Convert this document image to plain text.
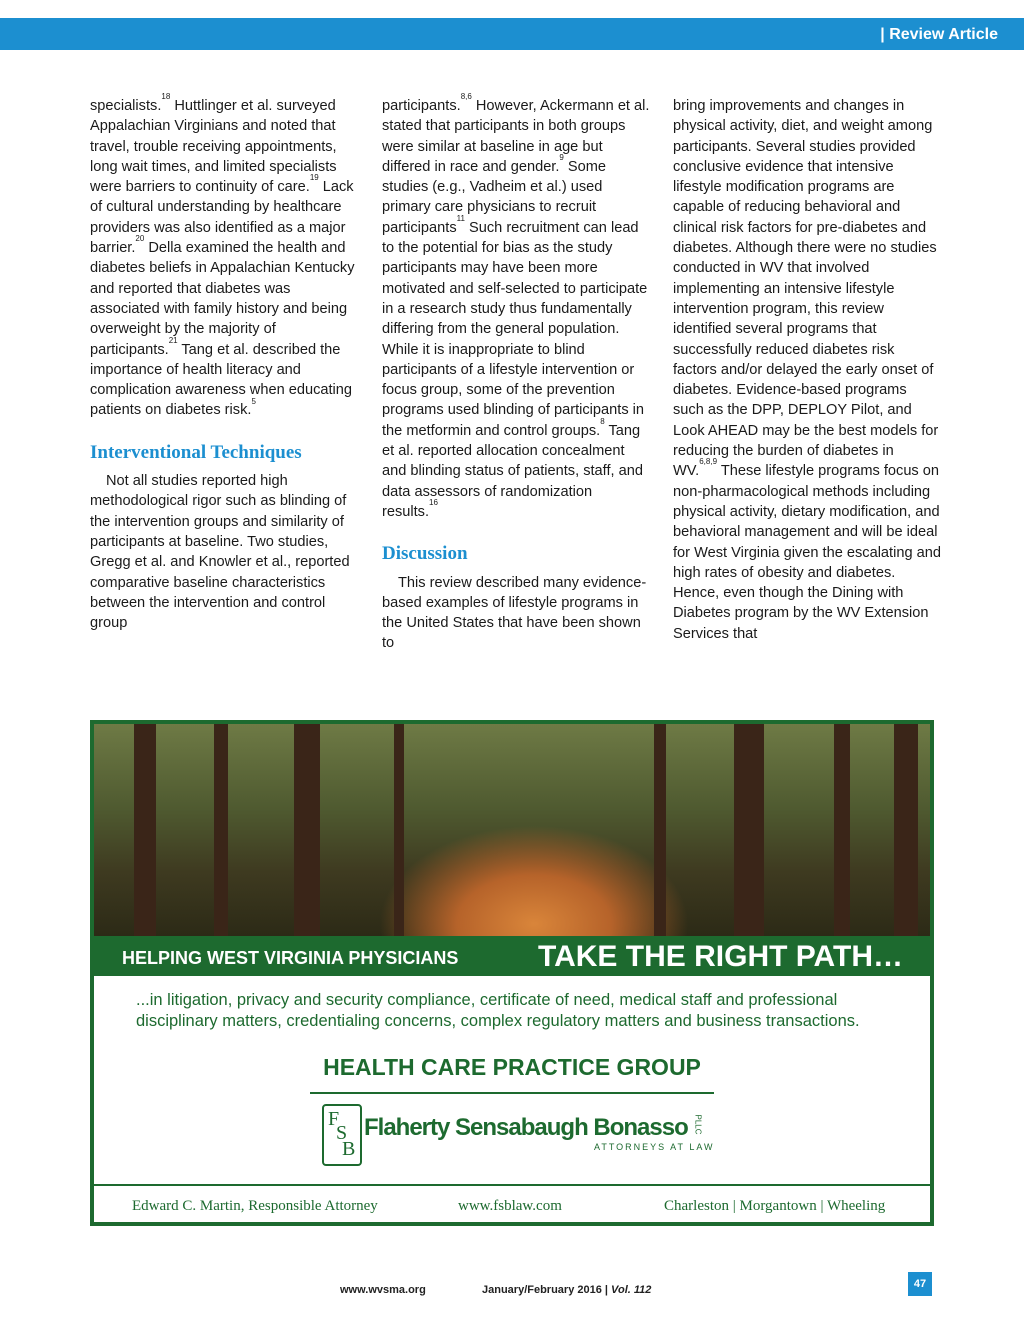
| Review Article

specialists.$^{18}$ Huttlinger et al. surveyed Appalachian Virginians and noted that travel, trouble receiving appointments, long wait times, and limited specialists were barriers to continuity of care.$^{19}$ Lack of cultural understanding by healthcare providers was also identified as a major barrier.$^{20}$ Della examined the health and diabetes beliefs in Appalachian Kentucky and reported that diabetes was associated with family history and being overweight by the majority of participants.$^{21}$ Tang et al. described the importance of health literacy and complication awareness when educating patients on diabetes risk.$^5$

Interventional Techniques

Not all studies reported high methodological rigor such as blinding of the intervention groups and similarity of participants at baseline. Two studies, Gregg et al. and Knowler et al., reported comparative baseline characteristics between the intervention and control group

participants.$^{8,6}$ However, Ackermann et al. stated that participants in both groups were similar at baseline in age but differed in race and gender.$^9$ Some studies (e.g., Vadheim et al.) used primary care physicians to recruit participants$^{11}$ Such recruitment can lead to the potential for bias as the study participants may have been more motivated and self-selected to participate in a research study thus fundamentally differing from the general population. While it is inappropriate to blind participants of a lifestyle intervention or focus group, some of the prevention programs used blinding of participants in the metformin and control groups.$^8$ Tang et al. reported allocation concealment and blinding status of patients, staff, and data assessors of randomization results.$^{16}$

Discussion

This review described many evidence-based examples of lifestyle programs in the United States that have been shown to

bring improvements and changes in physical activity, diet, and weight among participants. Several studies provided conclusive evidence that intensive lifestyle modification programs are capable of reducing behavioral and clinical risk factors for pre-diabetes and diabetes. Although there were no studies conducted in WV that involved implementing an intensive lifestyle intervention program, this review identified several programs that successfully reduced diabetes risk factors and/or delayed the early onset of diabetes. Evidence-based programs such as the DPP, DEPLOY Pilot, and Look AHEAD may be the best models for reducing the burden of diabetes in WV.$^{6,8,9}$ These lifestyle programs focus on non-pharmacological methods including physical activity, dietary modification, and behavioral management and will be ideal for West Virginia given the escalating and high rates of obesity and diabetes. Hence, even though the Dining with Diabetes program by the WV Extension Services that

HELPING WEST VIRGINIA PHYSICIANS	TAKE THE RIGHT PATH…
...in litigation, privacy and security compliance, certificate of need, medical staff and professional disciplinary matters, credentialing concerns, complex regulatory matters and business transactions.
HEALTH CARE PRACTICE GROUP
F
S
B
Flaherty Sensabaugh Bonasso PLLC
ATTORNEYS AT LAW
Edward C. Martin, Responsible Attorney	www.fsblaw.com	Charleston | Morgantown | Wheeling
47
www.wvsma.org	January/February 2016 | Vol. 112
